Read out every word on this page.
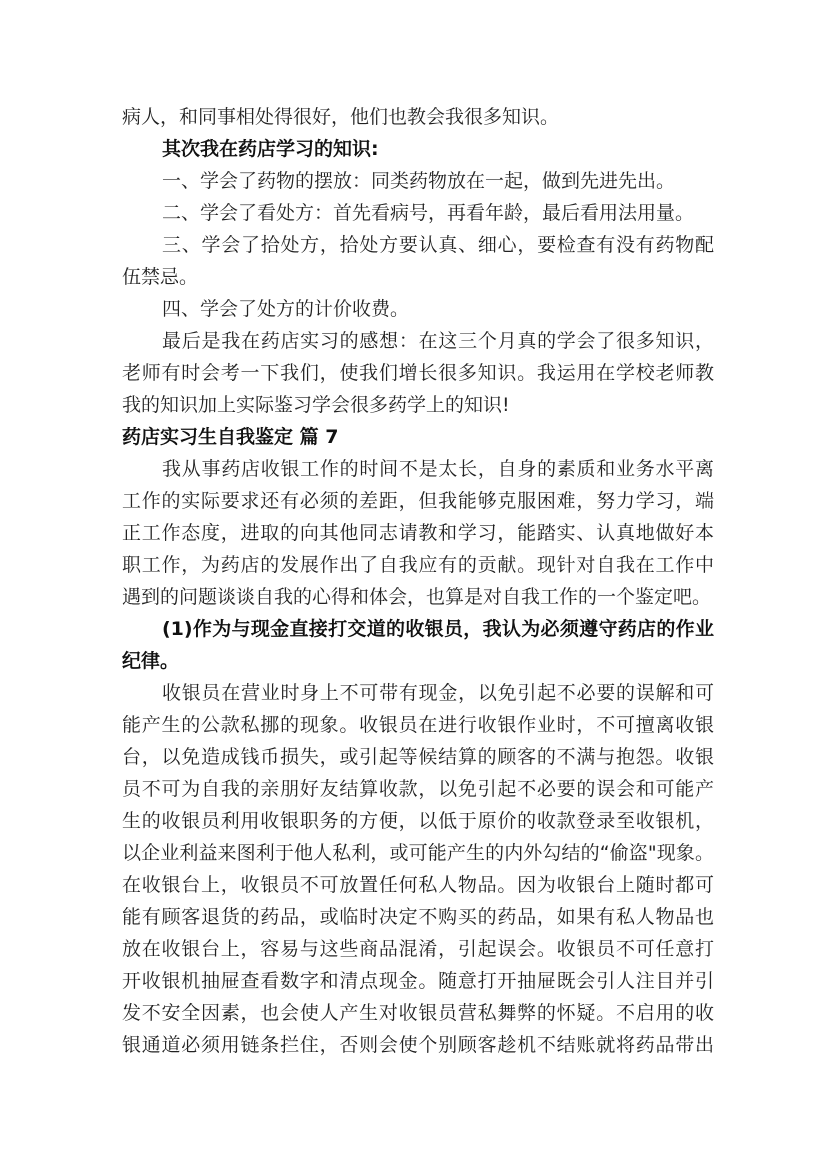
病人，和同事相处得很好，他们也教会我很多知识。
其次我在药店学习的知识:
一、学会了药物的摆放：同类药物放在一起，做到先进先出。
二、学会了看处方：首先看病号，再看年龄，最后看用法用量。
三、学会了拾处方，拾处方要认真、细心，要检查有没有药物配
伍禁忌。
四、学会了处方的计价收费。
最后是我在药店实习的感想：在这三个月真的学会了很多知识，
老师有时会考一下我们，使我们增长很多知识。我运用在学校老师教
我的知识加上实际鉴习学会很多药学上的知识!
药店实习生自我鉴定 篇 7
我从事药店收银工作的时间不是太长，自身的素质和业务水平离
工作的实际要求还有必须的差距，但我能够克服困难，努力学习，端
正工作态度，进取的向其他同志请教和学习，能踏实、认真地做好本
职工作，为药店的发展作出了自我应有的贡献。现针对自我在工作中
遇到的问题谈谈自我的心得和体会，也算是对自我工作的一个鉴定吧。
(1)作为与现金直接打交道的收银员，我认为必须遵守药店的作业
纪律。
收银员在营业时身上不可带有现金，以免引起不必要的误解和可
能产生的公款私挪的现象。收银员在进行收银作业时，不可擅离收银
台，以免造成钱币损失，或引起等候结算的顾客的不满与抱怨。收银
员不可为自我的亲朋好友结算收款，以免引起不必要的误会和可能产
生的收银员利用收银职务的方便，以低于原价的收款登录至收银机，
以企业利益来图利于他人私利，或可能产生的内外勾结的“偷盗"现象。
在收银台上，收银员不可放置任何私人物品。因为收银台上随时都可
能有顾客退货的药品，或临时决定不购买的药品，如果有私人物品也
放在收银台上，容易与这些商品混淆，引起误会。收银员不可任意打
开收银机抽屉查看数字和清点现金。随意打开抽屉既会引人注目并引
发不安全因素，也会使人产生对收银员营私舞弊的怀疑。不启用的收
银通道必须用链条拦住，否则会使个别顾客趁机不结账就将药品带出
